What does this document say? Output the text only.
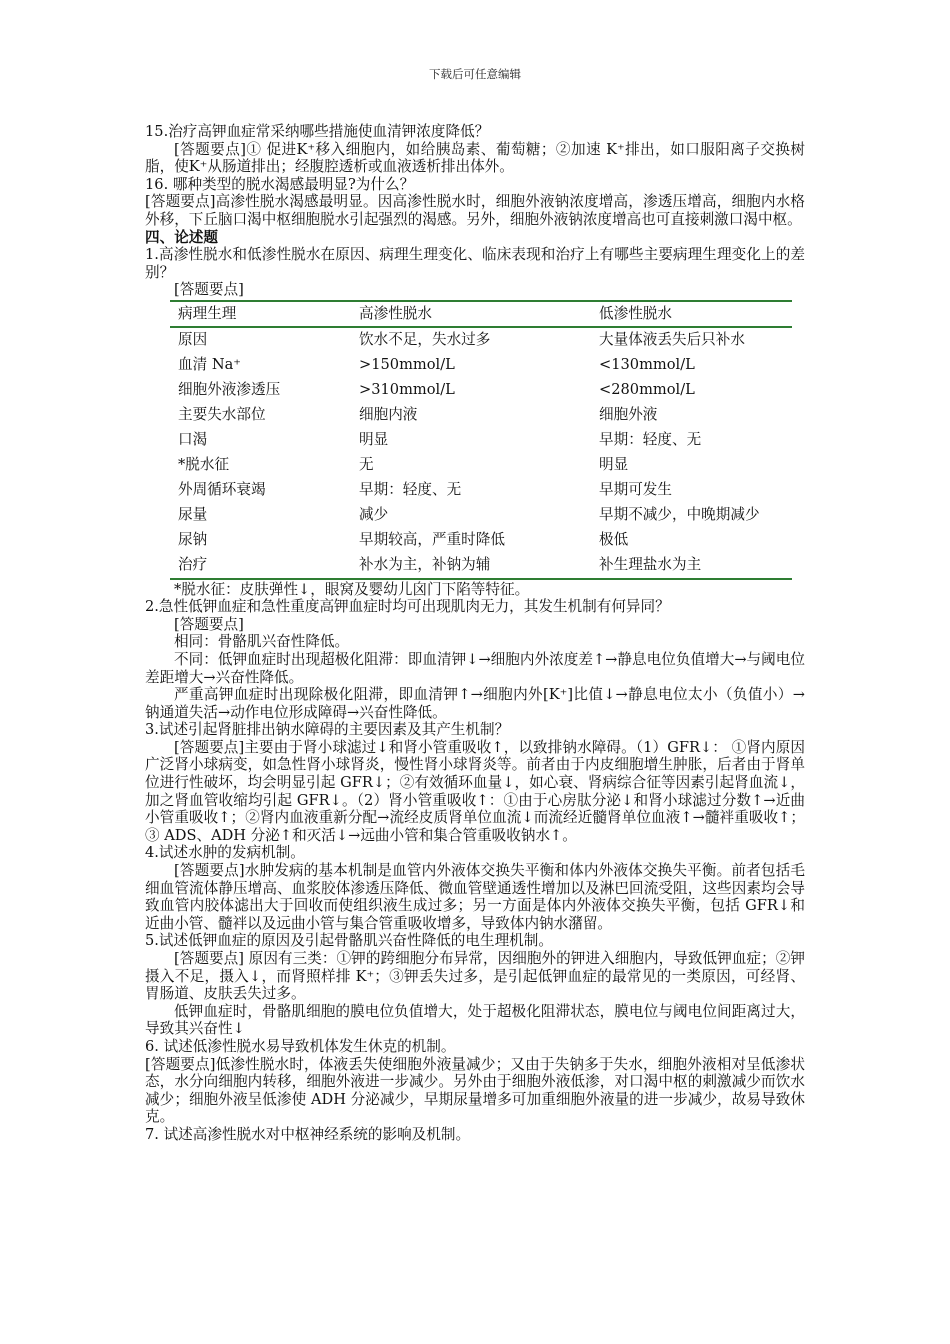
下载后可任意编辑

15.治疗高钾血症常采纳哪些措施使血清钾浓度降低？

[答题要点]① 促进K⁺移入细胞内，如给胰岛素、葡萄糖；②加速 K⁺排出，如口服阳离子交换树脂，使K⁺从肠道排出；经腹腔透析或血液透析排出体外。

16. 哪种类型的脱水渴感最明显?为什么？

[答题要点]高渗性脱水渴感最明显。因高渗性脱水时，细胞外液钠浓度增高，渗透压增高，细胞内水格外移，下丘脑口渴中枢细胞脱水引起强烈的渴感。另外，细胞外液钠浓度增高也可直接刺激口渴中枢。

四、论述题

1.高渗性脱水和低渗性脱水在原因、病理生理变化、临床表现和治疗上有哪些主要病理生理变化上的差别？

[答题要点]

病理生理	高渗性脱水	低渗性脱水
原因	饮水不足，失水过多	大量体液丢失后只补水
血清 Na⁺	>150mmol/L	<130mmol/L
细胞外液渗透压	>310mmol/L	<280mmol/L
主要失水部位	细胞内液	细胞外液
口渴	明显	早期：轻度、无
*脱水征	无	明显
外周循环衰竭	早期：轻度、无	早期可发生
尿量	减少	早期不减少，中晚期减少
尿钠	早期较高，严重时降低	极低
治疗	补水为主，补钠为辅	补生理盐水为主

*脱水征：皮肤弹性↓，眼窝及婴幼儿囟门下陷等特征。

2.急性低钾血症和急性重度高钾血症时均可出现肌肉无力，其发生机制有何异同？

[答题要点]

相同：骨骼肌兴奋性降低。

不同：低钾血症时出现超极化阻滞：即血清钾↓→细胞内外浓度差↑→静息电位负值增大→与阈电位差距增大→兴奋性降低。

严重高钾血症时出现除极化阻滞，即血清钾↑→细胞内外[K⁺]比值↓→静息电位太小（负值小）→钠通道失活→动作电位形成障碍→兴奋性降低。

3.试述引起肾脏排出钠水障碍的主要因素及其产生机制？

[答题要点]主要由于肾小球滤过↓和肾小管重吸收↑，以致排钠水障碍。（1）GFR↓： ①肾内原因　广泛肾小球病变，如急性肾小球肾炎，慢性肾小球肾炎等。前者由于内皮细胞增生肿胀，后者由于肾单位进行性破坏，均会明显引起 GFR↓；②有效循环血量↓，如心衰、肾病综合征等因素引起肾血流↓，加之肾血管收缩均引起 GFR↓。（2）肾小管重吸收↑：①由于心房肽分泌↓和肾小球滤过分数↑→近曲小管重吸收↑；②肾内血液重新分配→流经皮质肾单位血流↓而流经近髓肾单位血液↑→髓袢重吸收↑；③ ADS、ADH 分泌↑和灭活↓→远曲小管和集合管重吸收钠水↑。

4.试述水肿的发病机制。

[答题要点]水肿发病的基本机制是血管内外液体交换失平衡和体内外液体交换失平衡。前者包括毛细血管流体静压增高、血浆胶体渗透压降低、微血管壁通透性增加以及淋巴回流受阻，这些因素均会导致血管内胶体滤出大于回收而使组织液生成过多；另一方面是体内外液体交换失平衡，包括 GFR↓和近曲小管、髓袢以及远曲小管与集合管重吸收增多，导致体内钠水潴留。

5.试述低钾血症的原因及引起骨骼肌兴奋性降低的电生理机制。

[答题要点] 原因有三类：①钾的跨细胞分布异常，因细胞外的钾进入细胞内，导致低钾血症；②钾摄入不足，摄入↓，而肾照样排 K⁺；③钾丢失过多，是引起低钾血症的最常见的一类原因，可经肾、胃肠道、皮肤丢失过多。

低钾血症时，骨骼肌细胞的膜电位负值增大，处于超极化阻滞状态，膜电位与阈电位间距离过大，导致其兴奋性↓

6. 试述低渗性脱水易导致机体发生休克的机制。

[答题要点]低渗性脱水时，体液丢失使细胞外液量减少；又由于失钠多于失水，细胞外液相对呈低渗状态，水分向细胞内转移，细胞外液进一步减少。另外由于细胞外液低渗，对口渴中枢的刺激减少而饮水减少；细胞外液呈低渗使 ADH 分泌减少，早期尿量增多可加重细胞外液量的进一步减少，故易导致休克。

7. 试述高渗性脱水对中枢神经系统的影响及机制。
